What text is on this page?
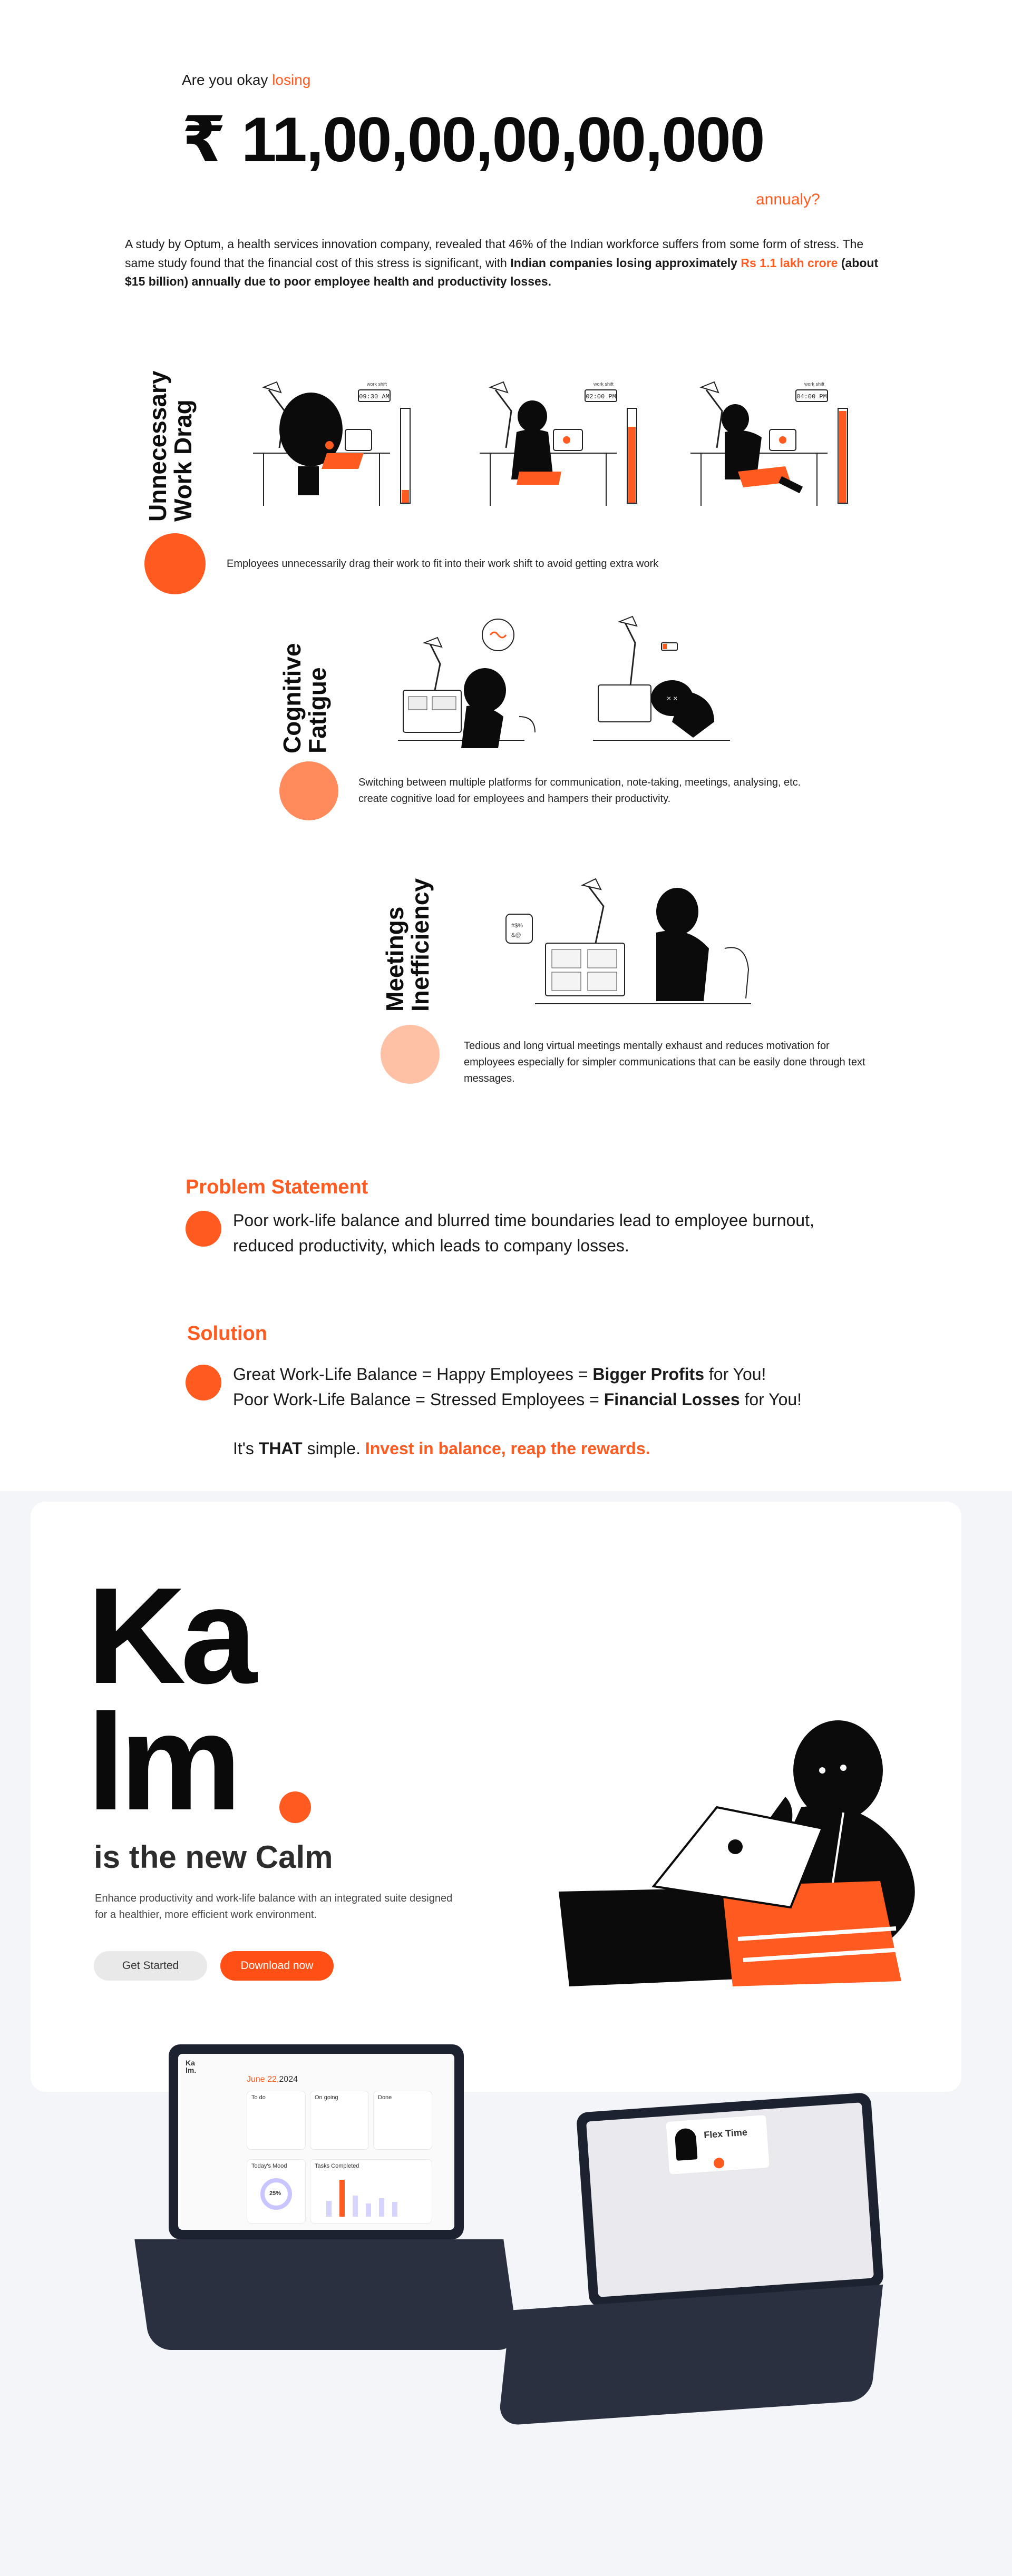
Are you okay losing
₹ 11,00,00,00,00,000
annualy?
A study by Optum, a health services innovation company, revealed that 46% of the Indian workforce suffers from some form of stress. The same study found that the financial cost of this stress is significant, with Indian companies losing approximately Rs 1.1 lakh crore (about $15 billion) annually due to poor employee health and productivity losses.
Unnecessary
Work Drag
Employees unnecessarily drag their work to fit into their work shift to avoid getting extra work
09:30 AM
work shift
02:00 PM
work shift
04:00 PM
work shift
Cognitive
Fatigue
Switching between multiple platforms for communication, note-taking, meetings, analysing, etc. create cognitive load for employees and hampers their productivity.
× ×
Meetings
Inefficiency
Tedious and long virtual meetings mentally exhaust and reduces motivation for employees especially for simpler communications that can be easily done through text messages.
#$%
&@
Problem Statement
Poor work-life balance and blurred time boundaries lead to employee burnout, reduced productivity, which leads to company losses.
Solution
Great Work-Life Balance = Happy Employees = Bigger Profits for You!
Poor Work-Life Balance = Stressed Employees = Financial Losses for You!
It's THAT simple. Invest in balance, reap the rewards.
Ka
lm
is the new Calm
Enhance productivity and work-life balance with an integrated suite designed for a healthier, more efficient work environment.
Get Started	Download now
Ka lm.
June 22,2024
To do	On going	Done
Today's Mood
25%
Tasks Completed
Flex Time
